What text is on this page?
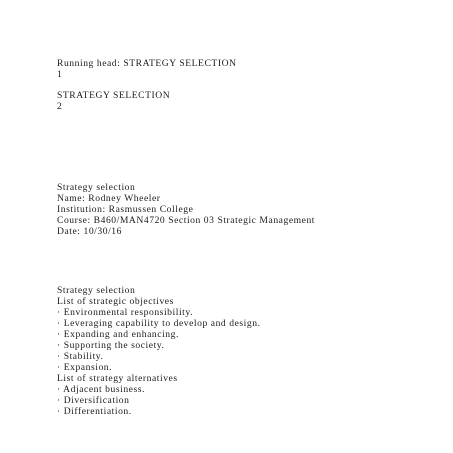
Running head: STRATEGY SELECTION
1
STRATEGY SELECTION
2
Strategy selection
Name: Rodney Wheeler
Institution: Rasmussen College
Course: B460/MAN4720 Section 03 Strategic Management
Date: 10/30/16
Strategy selection
List of strategic objectives
· Environmental responsibility.
· Leveraging capability to develop and design.
· Expanding and enhancing.
· Supporting the society.
· Stability.
· Expansion.
List of strategy alternatives
· Adjacent business.
· Diversification
· Differentiation.
